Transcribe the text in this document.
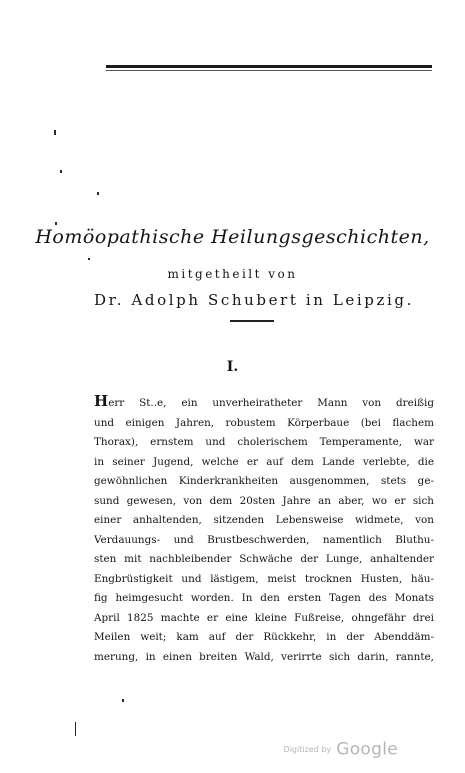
Homöopathische Heilungsgeschichten,
mitgetheilt von
Dr. Adolph Schubert in Leipzig.
I.
Herr St..e, ein unverheiratheter Mann von dreißig
und einigen Jahren, robustem Körperbaue (bei flachem
Thorax), ernstem und cholerischem Temperamente, war
in seiner Jugend, welche er auf dem Lande verlebte, die
gewöhnlichen Kinderkrankheiten ausgenommen, stets ge-
sund gewesen, von dem 20sten Jahre an aber, wo er sich
einer anhaltenden, sitzenden Lebensweise widmete, von
Verdauungs- und Brustbeschwerden, namentlich Bluthu-
sten mit nachbleibender Schwäche der Lunge, anhaltender
Engbrüstigkeit und lästigem, meist trocknen Husten, häu-
fig heimgesucht worden. In den ersten Tagen des Monats
April 1825 machte er eine kleine Fußreise, ohngefähr drei
Meilen weit; kam auf der Rückkehr, in der Abenddäm-
merung, in einen breiten Wald, verirrte sich darin, rannte,
Digitized by Google
